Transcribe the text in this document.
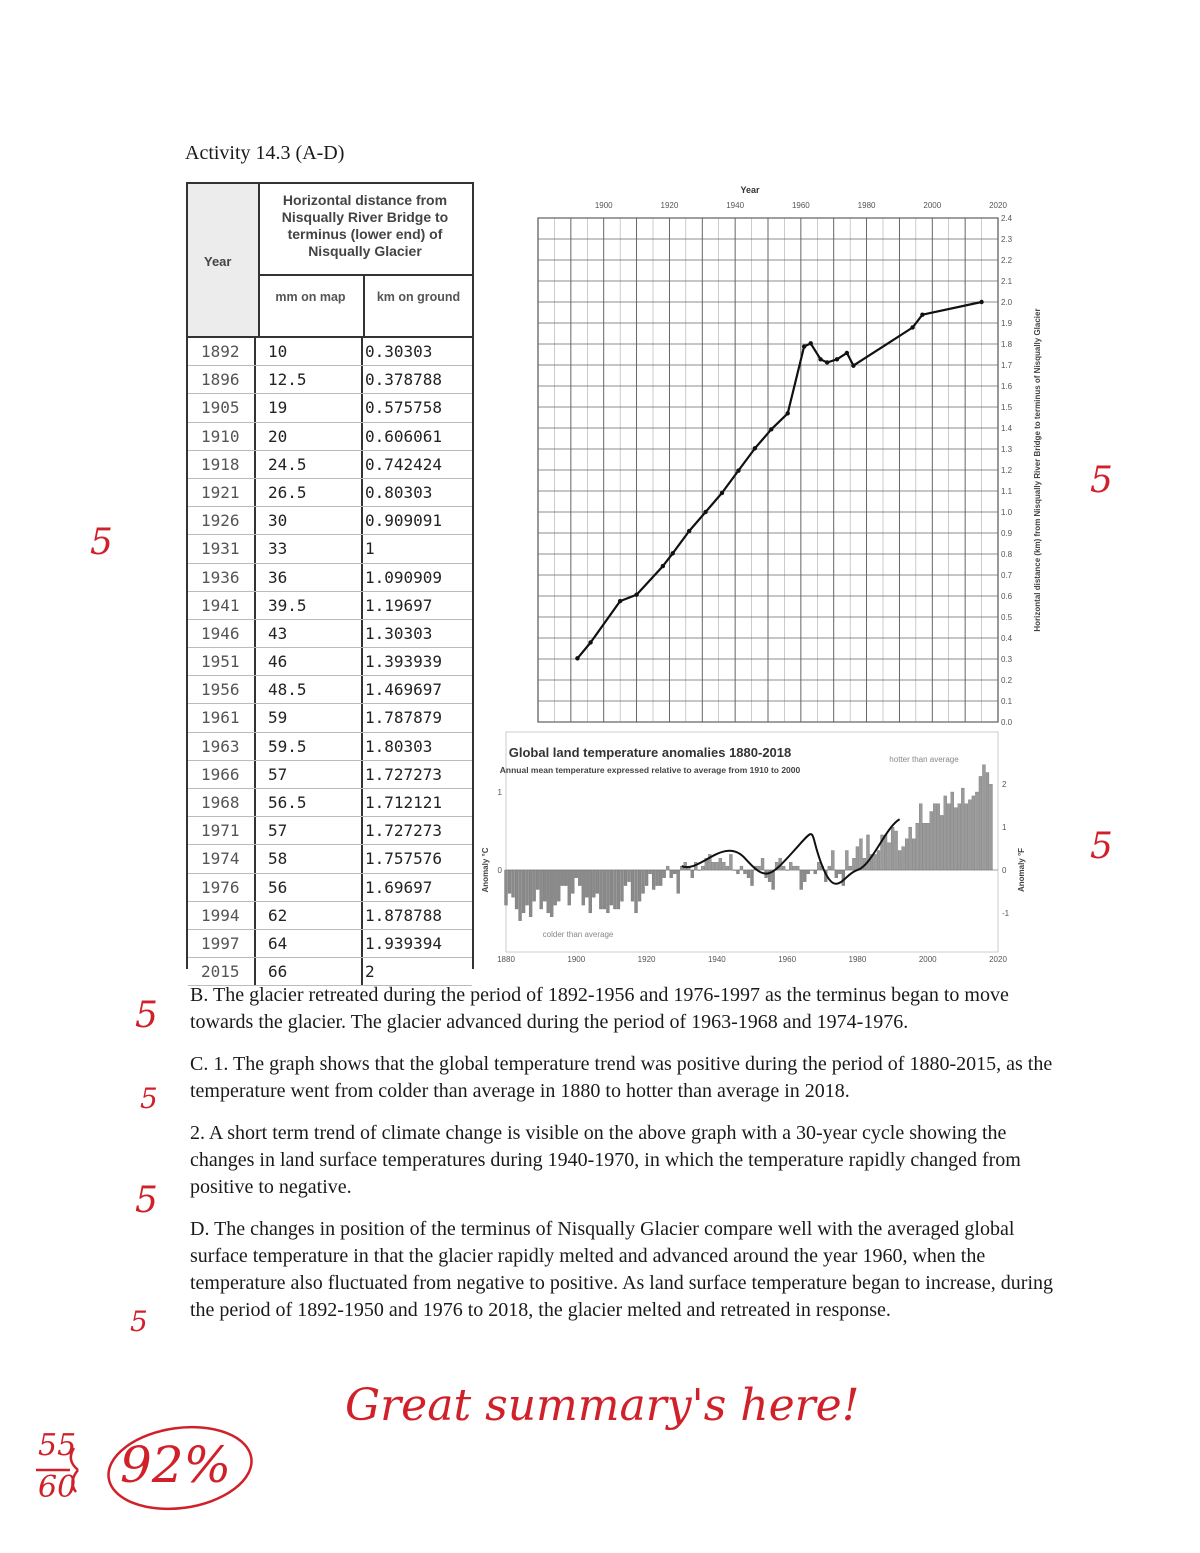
Activity 14.3 (A-D)
Year
Horizontal distance from Nisqually River Bridge to terminus (lower end) of Nisqually Glacier
mm on map	km on ground
1892	10	0.30303
1896	12.5	0.378788
1905	19	0.575758
1910	20	0.606061
1918	24.5	0.742424
1921	26.5	0.80303
1926	30	0.909091
1931	33	1
1936	36	1.090909
1941	39.5	1.19697
1946	43	1.30303
1951	46	1.393939
1956	48.5	1.469697
1961	59	1.787879
1963	59.5	1.80303
1966	57	1.727273
1968	56.5	1.712121
1971	57	1.727273
1974	58	1.757576
1976	56	1.69697
1994	62	1.878788
1997	64	1.939394
2015	66	2
Year
1900	1920	1940	1960	1980	2000	2020
0.0
0.1
0.2
0.3
0.4
0.5
0.6
0.7
0.8
0.9
1.0
1.1
1.2
1.3
1.4
1.5
1.6
1.7
1.8
1.9
2.0
2.1
2.2
2.3
2.4
Horizontal distance (km) from Nisqually River Bridge to terminus of Nisqually Glacier
Global land temperature anomalies 1880-2018
Annual mean temperature expressed relative to average from 1910 to 2000
hotter than average
colder than average
1880	1900	1920	1940	1960	1980	2000	2020
0
1
-1
0
1
2
Anomaly °C	Anomaly °F

B. The glacier retreated during the period of 1892-1956 and 1976-1997 as the terminus began to move towards the glacier. The glacier advanced during the period of 1963-1968 and 1974-1976.

C. 1. The graph shows that the global temperature trend was positive during the period of 1880-2015, as the temperature went from colder than average in 1880 to hotter than average in 2018.

2. A short term trend of climate change is visible on the above graph with a 30-year cycle showing the changes in land surface temperatures during 1940-1970, in which the temperature rapidly changed from positive to negative.

D. The changes in position of the terminus of Nisqually Glacier compare well with the averaged global surface temperature in that the glacier rapidly melted and advanced around the year 1960, when the temperature also fluctuated from negative to positive. As land surface temperature began to increase, during the period of 1892-1950 and 1976 to 2018, the glacier melted and retreated in response.

5
5
5
5
5
5
5
55
60 92%
Great summary's here!
